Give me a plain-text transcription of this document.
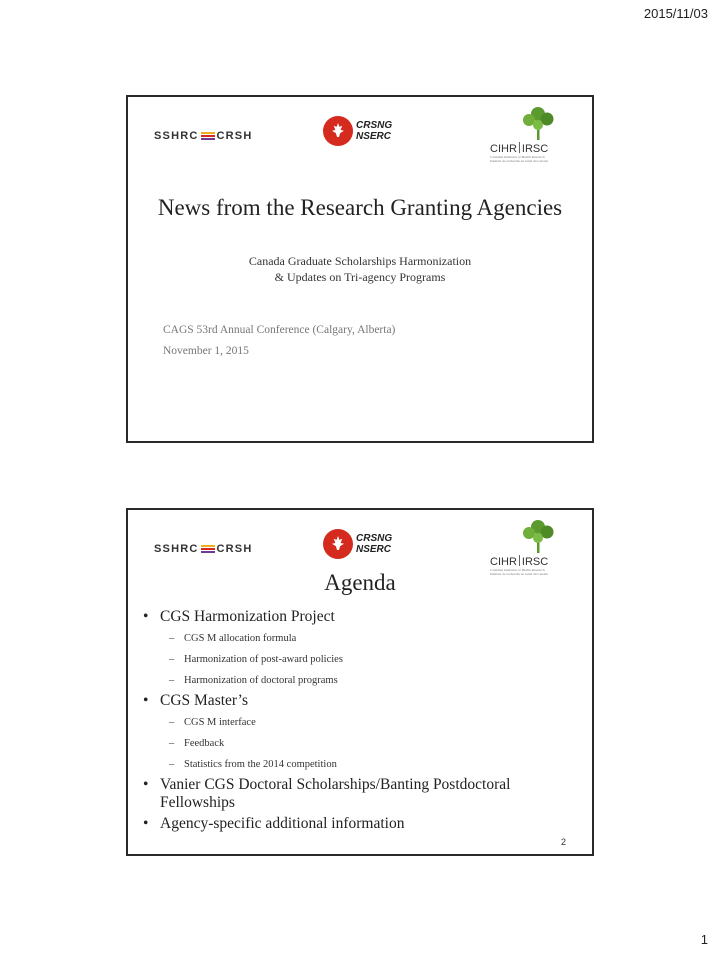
2015/11/03
SSHRC CRSH
CRSNG
NSERC
CIHR IRSC
Canadian Institutes of Health Research
Instituts de recherche en santé du Canada
News from the Research Granting Agencies
Canada Graduate Scholarships Harmonization
& Updates on Tri-agency Programs
CAGS 53rd Annual Conference (Calgary, Alberta)
November 1, 2015
SSHRC CRSH
CRSNG
NSERC
CIHR IRSC
Canadian Institutes of Health Research
Instituts de recherche en santé du Canada
Agenda
• CGS Harmonization Project
– CGS M allocation formula
– Harmonization of post-award policies
– Harmonization of doctoral programs
• CGS Master’s
– CGS M interface
– Feedback
– Statistics from the 2014 competition
• Vanier CGS Doctoral Scholarships/Banting Postdoctoral Fellowships
• Agency-specific additional information
2
1
